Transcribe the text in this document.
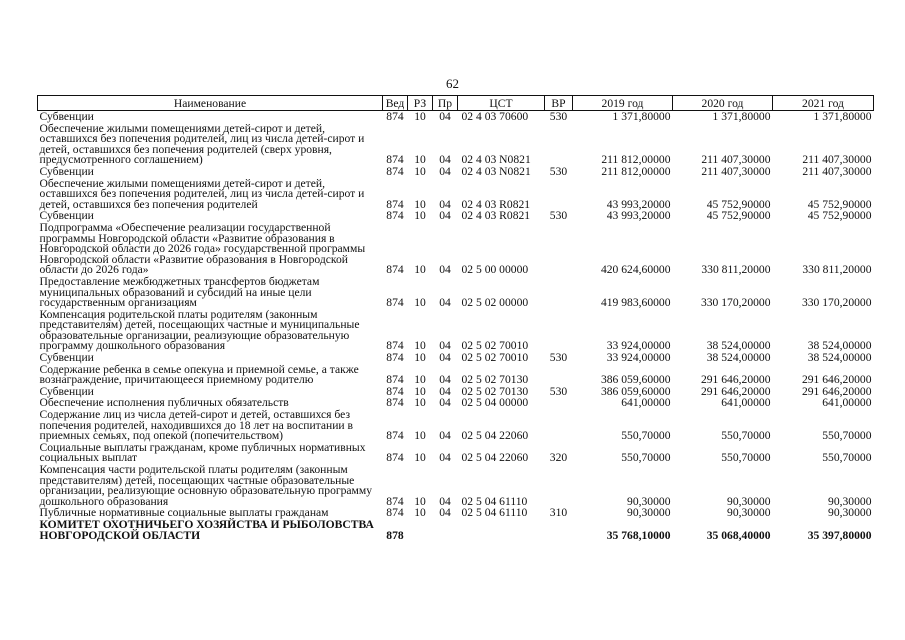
62
Наименование	Вед	РЗ	Пр	ЦСТ	ВР	2019 год	2020 год	2021 год
Субвенции	874	10	04	02 4 03 70600	530	1 371,80000	1 371,80000	1 371,80000
Обеспечение жилыми помещениями детей-сирот и детей, оставшихся без попечения родителей, лиц из числа детей-сирот и детей, оставшихся без попечения родителей (сверх уровня, предусмотренного соглашением)	874	10	04	02 4 03 N0821		211 812,00000	211 407,30000	211 407,30000
Субвенции	874	10	04	02 4 03 N0821	530	211 812,00000	211 407,30000	211 407,30000
Обеспечение жилыми помещениями детей-сирот и детей, оставшихся без попечения родителей, лиц из числа детей-сирот и детей, оставшихся без попечения родителей	874	10	04	02 4 03 R0821		43 993,20000	45 752,90000	45 752,90000
Субвенции	874	10	04	02 4 03 R0821	530	43 993,20000	45 752,90000	45 752,90000
Подпрограмма «Обеспечение реализации государственной программы Новгородской области «Развитие образования в Новгородской области до 2026 года» государственной программы Новгородской области «Развитие образования в Новгородской области до 2026 года»	874	10	04	02 5 00 00000		420 624,60000	330 811,20000	330 811,20000
Предоставление межбюджетных трансфертов бюджетам муниципальных образований и субсидий на иные цели государственным организациям	874	10	04	02 5 02 00000		419 983,60000	330 170,20000	330 170,20000
Компенсация родительской платы родителям (законным представителям) детей, посещающих частные и муниципальные образовательные организации, реализующие образовательную программу дошкольного образования	874	10	04	02 5 02 70010		33 924,00000	38 524,00000	38 524,00000
Субвенции	874	10	04	02 5 02 70010	530	33 924,00000	38 524,00000	38 524,00000
Содержание ребенка в семье опекуна и приемной семье, а также вознаграждение, причитающееся приемному родителю	874	10	04	02 5 02 70130		386 059,60000	291 646,20000	291 646,20000
Субвенции	874	10	04	02 5 02 70130	530	386 059,60000	291 646,20000	291 646,20000
Обеспечение исполнения публичных обязательств	874	10	04	02 5 04 00000		641,00000	641,00000	641,00000
Содержание лиц из числа детей-сирот и детей, оставшихся без попечения родителей, находившихся до 18 лет на воспитании в приемных семьях, под опекой (попечительством)	874	10	04	02 5 04 22060		550,70000	550,70000	550,70000
Социальные выплаты гражданам, кроме публичных нормативных социальных выплат	874	10	04	02 5 04 22060	320	550,70000	550,70000	550,70000
Компенсация части родительской платы родителям (законным представителям) детей, посещающих частные образовательные организации, реализующие основную образовательную программу дошкольного образования	874	10	04	02 5 04 61110		90,30000	90,30000	90,30000
Публичные нормативные социальные выплаты гражданам	874	10	04	02 5 04 61110	310	90,30000	90,30000	90,30000
КОМИТЕТ ОХОТНИЧЬЕГО ХОЗЯЙСТВА И РЫБОЛОВСТВА НОВГОРОДСКОЙ ОБЛАСТИ	878					35 768,10000	35 068,40000	35 397,80000
